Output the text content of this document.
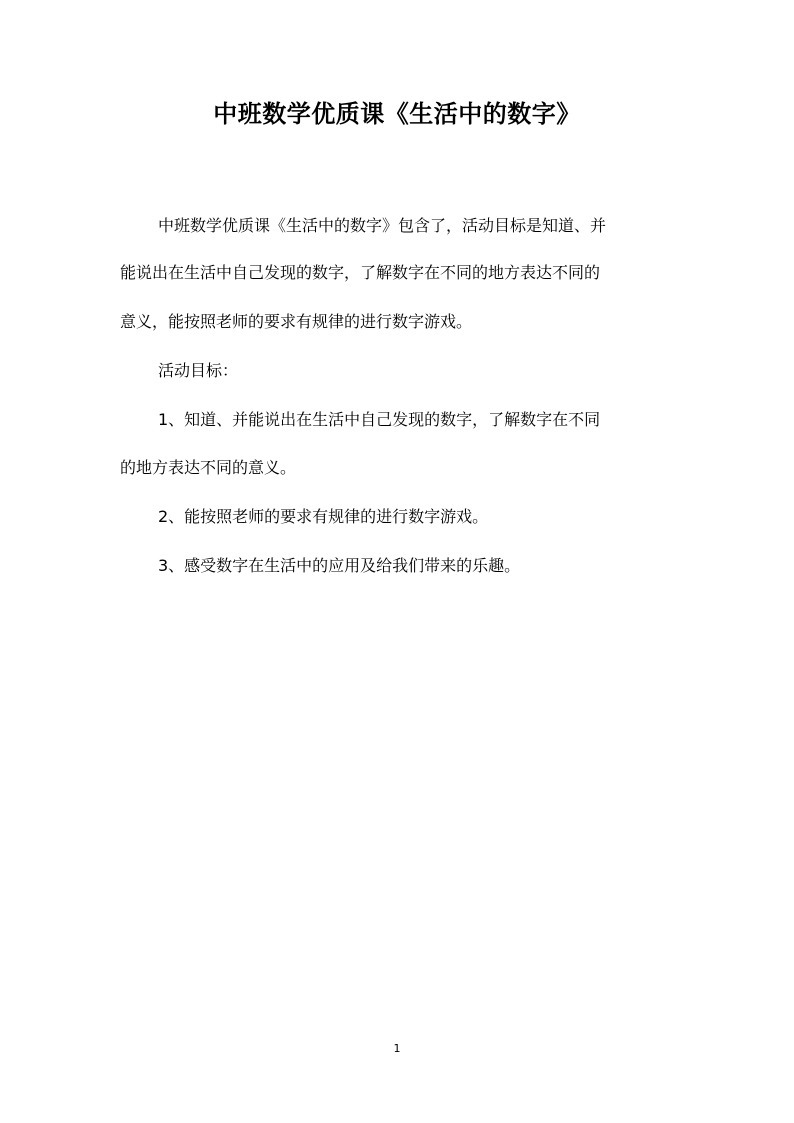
中班数学优质课《生活中的数字》
中班数学优质课《生活中的数字》包含了，活动目标是知道、并
能说出在生活中自己发现的数字，了解数字在不同的地方表达不同的
意义，能按照老师的要求有规律的进行数字游戏。
活动目标：
1、知道、并能说出在生活中自己发现的数字，了解数字在不同
的地方表达不同的意义。
2、能按照老师的要求有规律的进行数字游戏。
3、感受数字在生活中的应用及给我们带来的乐趣。
1
